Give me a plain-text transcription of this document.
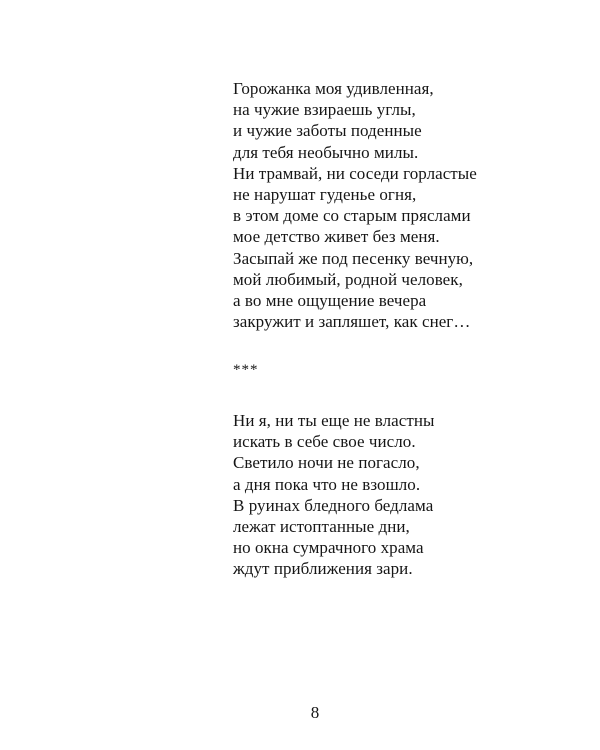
Горожанка моя удивленная,
на чужие взираешь углы,
и чужие заботы поденные
для тебя необычно милы.
Ни трамвай, ни соседи горластые
не нарушат гуденье огня,
в этом доме со старым пряслами
мое детство живет без меня.
Засыпай же под песенку вечную,
мой любимый, родной человек,
а во мне ощущение вечера
закружит и запляшет, как снег…
***
Ни я, ни ты еще не властны
искать в себе свое число.
Светило ночи не погасло,
а дня пока что не взошло.
В руинах бледного бедлама
лежат истоптанные дни,
но окна сумрачного храма
ждут приближения зари.
8
